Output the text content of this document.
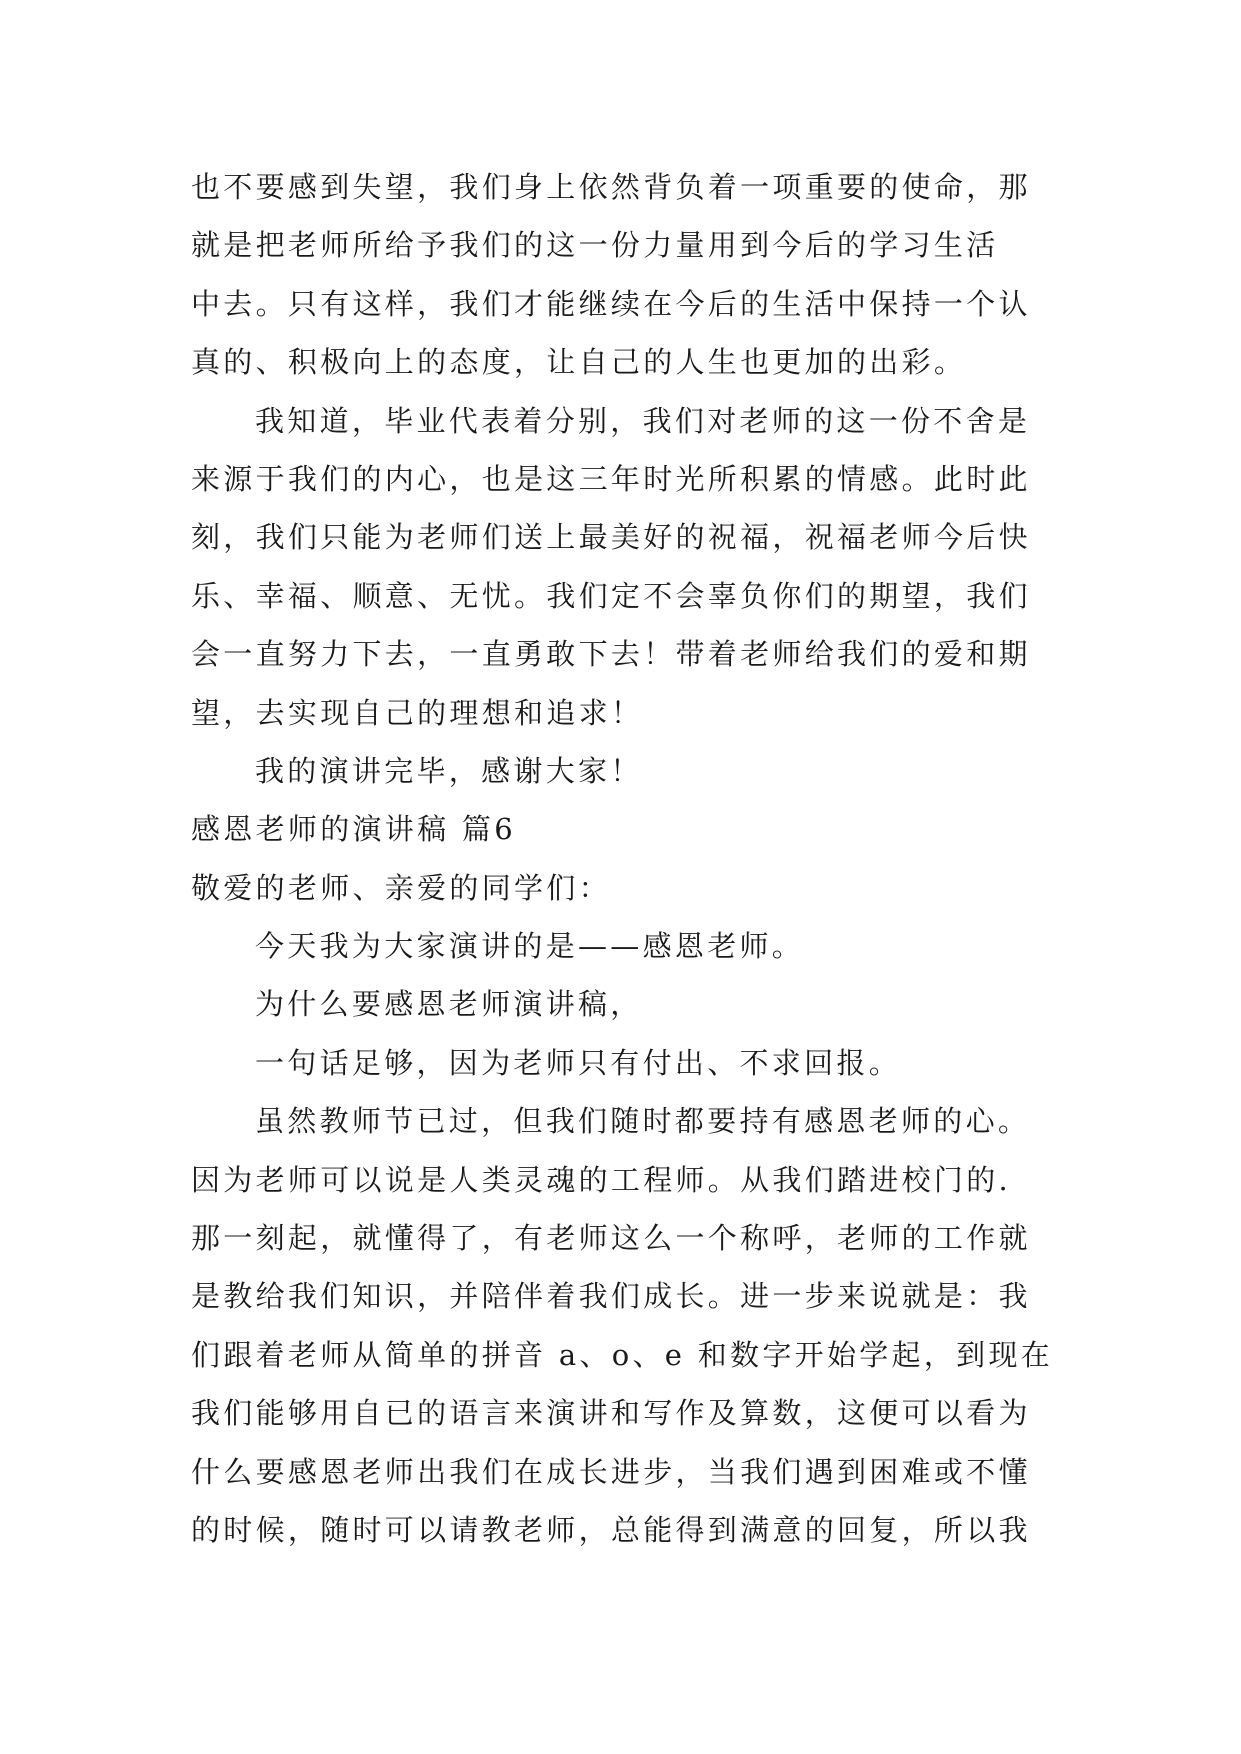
也不要感到失望，我们身上依然背负着一项重要的使命，那
就是把老师所给予我们的这一份力量用到今后的学习生活
中去。只有这样，我们才能继续在今后的生活中保持一个认
真的、积极向上的态度，让自己的人生也更加的出彩。
我知道，毕业代表着分别，我们对老师的这一份不舍是
来源于我们的内心，也是这三年时光所积累的情感。此时此
刻，我们只能为老师们送上最美好的祝福，祝福老师今后快
乐、幸福、顺意、无忧。我们定不会辜负你们的期望，我们
会一直努力下去，一直勇敢下去！带着老师给我们的爱和期
望，去实现自己的理想和追求！
我的演讲完毕，感谢大家！
感恩老师的演讲稿 篇6
敬爱的老师、亲爱的同学们：
今天我为大家演讲的是——感恩老师。
为什么要感恩老师演讲稿，
一句话足够，因为老师只有付出、不求回报。
虽然教师节已过，但我们随时都要持有感恩老师的心。
因为老师可以说是人类灵魂的工程师。从我们踏进校门的.
那一刻起，就懂得了，有老师这么一个称呼，老师的工作就
是教给我们知识，并陪伴着我们成长。进一步来说就是：我
们跟着老师从简单的拼音 a、o、e 和数字开始学起，到现在
我们能够用自已的语言来演讲和写作及算数，这便可以看为
什么要感恩老师出我们在成长进步，当我们遇到困难或不懂
的时候，随时可以请教老师，总能得到满意的回复，所以我
